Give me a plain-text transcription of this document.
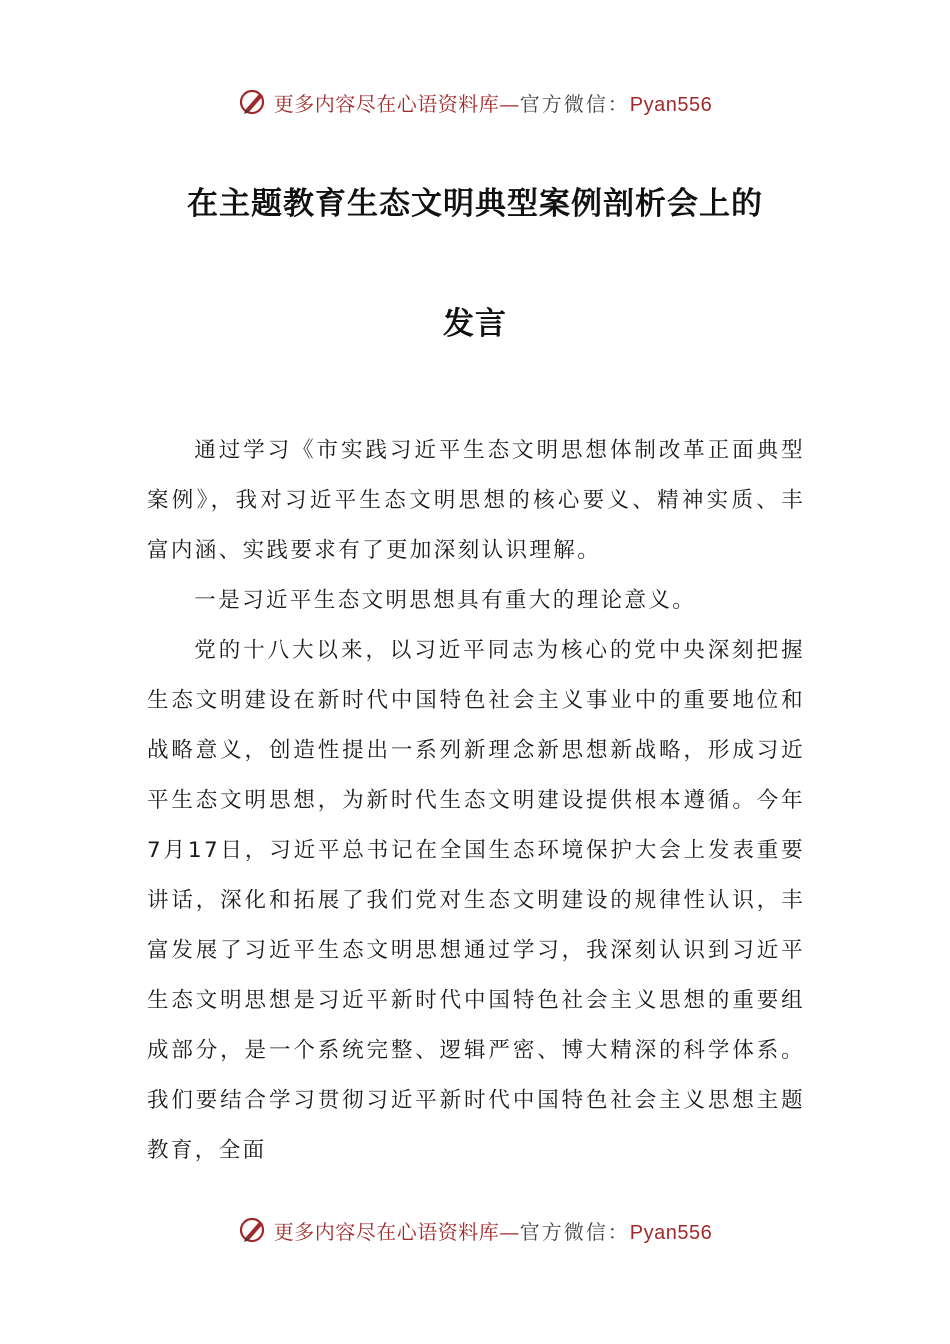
更多内容尽在心语资料库—官方微信：Pyan556
在主题教育生态文明典型案例剖析会上的
发言

通过学习《市实践习近平生态文明思想体制改革正面典型案例》，我对习近平生态文明思想的核心要义、精神实质、丰富内涵、实践要求有了更加深刻认识理解。

一是习近平生态文明思想具有重大的理论意义。

党的十八大以来，以习近平同志为核心的党中央深刻把握生态文明建设在新时代中国特色社会主义事业中的重要地位和战略意义，创造性提出一系列新理念新思想新战略，形成习近平生态文明思想，为新时代生态文明建设提供根本遵循。今年7月17日，习近平总书记在全国生态环境保护大会上发表重要讲话，深化和拓展了我们党对生态文明建设的规律性认识，丰富发展了习近平生态文明思想通过学习，我深刻认识到习近平生态文明思想是习近平新时代中国特色社会主义思想的重要组成部分，是一个系统完整、逻辑严密、博大精深的科学体系。我们要结合学习贯彻习近平新时代中国特色社会主义思想主题教育，全面

更多内容尽在心语资料库—官方微信：Pyan556
